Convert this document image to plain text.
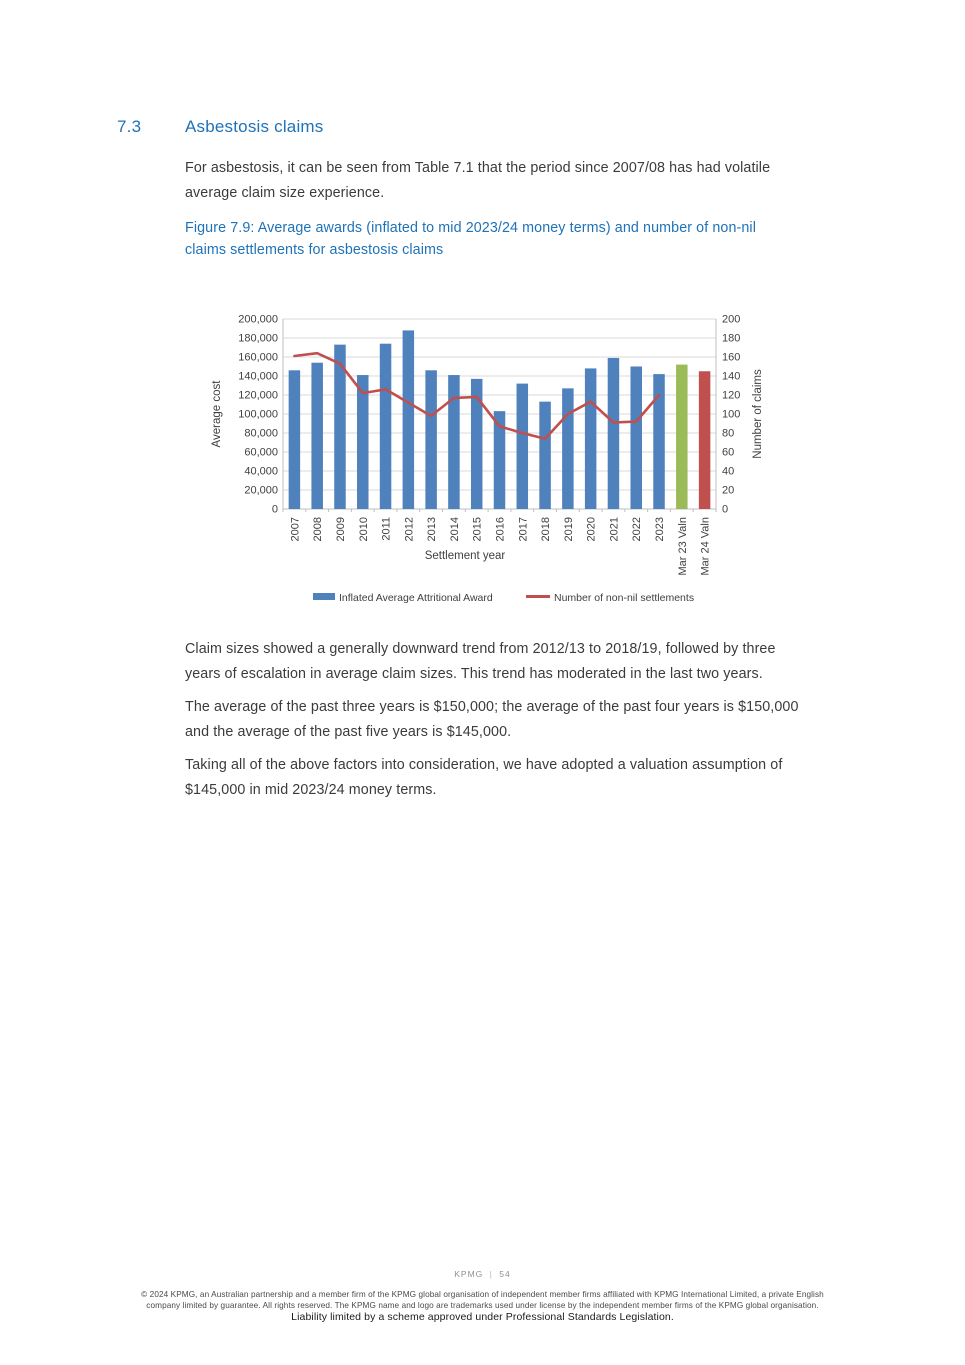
7.3	Asbestosis claims
For asbestosis, it can be seen from Table 7.1 that the period since 2007/08 has had volatile
average claim size experience.
Figure 7.9: Average awards (inflated to mid 2023/24 money terms) and number of non-nil
claims settlements for asbestosis claims
0	0
20,000	20
40,000	40
60,000	60
80,000	80
100,000	100
120,000	120
140,000	140
160,000	160
180,000	180
200,000	200
2007 2008 2009 2010 2011 2012 2013 2014 2015 2016 2017 2018 2019 2020 2021 2022 2023 Mar 23 Valn Mar 24 Valn
Average cost	Number of claims
Settlement year
Inflated Average Attritional Award	Number of non-nil settlements
Claim sizes showed a generally downward trend from 2012/13 to 2018/19, followed by three
years of escalation in average claim sizes. This trend has moderated in the last two years.
The average of the past three years is $150,000; the average of the past four years is $150,000
and the average of the past five years is $145,000.
Taking all of the above factors into consideration, we have adopted a valuation assumption of
$145,000 in mid 2023/24 money terms.
KPMG | 54
© 2024 KPMG, an Australian partnership and a member firm of the KPMG global organisation of independent member firms affiliated with KPMG International Limited, a private English
company limited by guarantee. All rights reserved. The KPMG name and logo are trademarks used under license by the independent member firms of the KPMG global organisation.
Liability limited by a scheme approved under Professional Standards Legislation.
